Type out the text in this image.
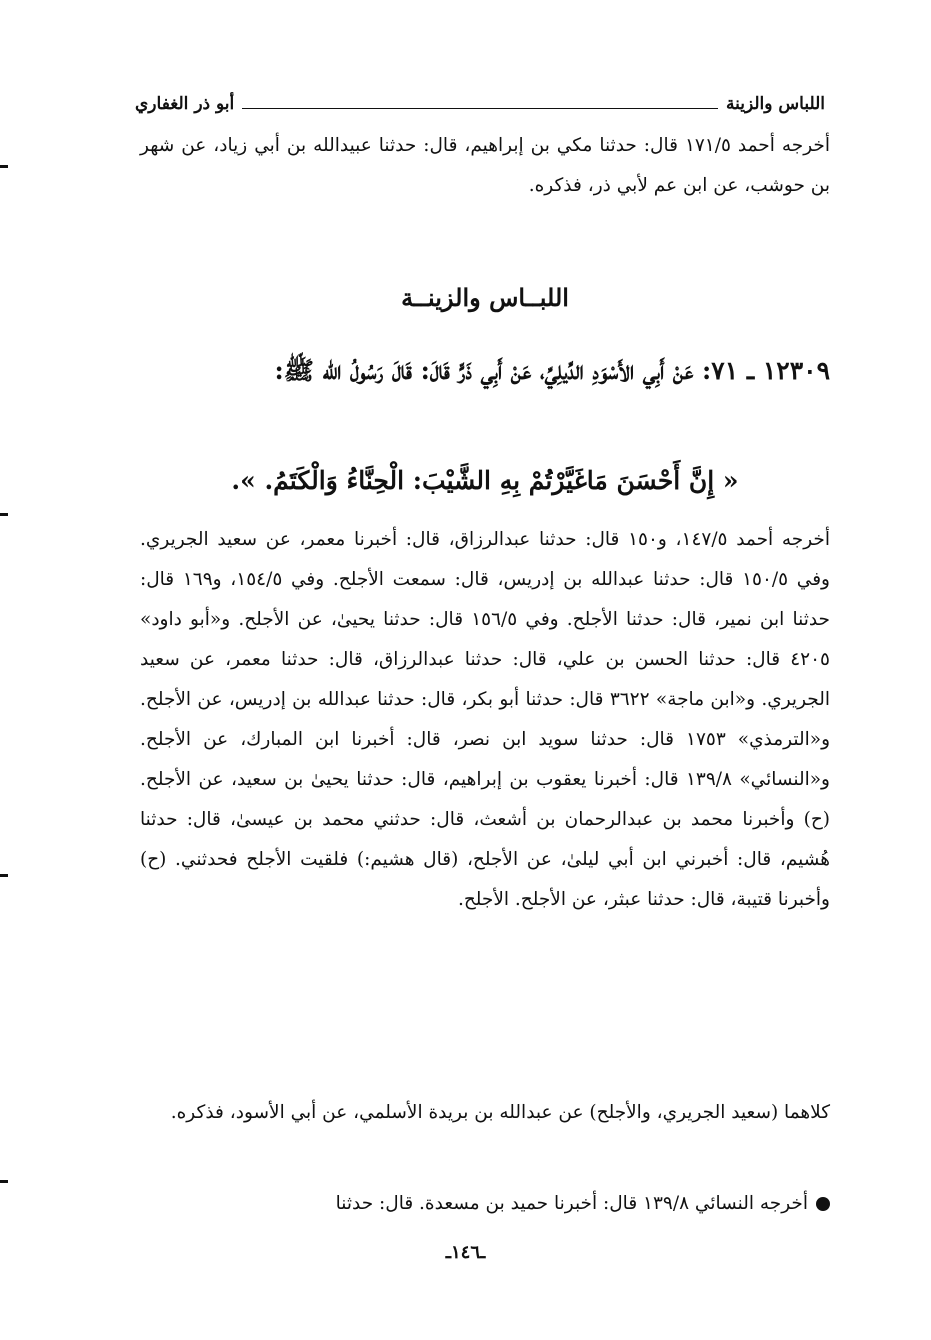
اللباس والزينة
أبو ذر الغفاري
أخرجه أحمد ١٧١/٥ قال: حدثنا مكي بن إبراهيم، قال: حدثنا عبيدالله بن أبي زياد، عن شهر بن حوشب، عن ابن عم لأبي ذر، فذكره.
اللبــاس والزينــة
١٢٣٠٩ ـ ٧١: عَنْ أَبِي الأَسْوَدِ الدِّيلِيِّ، عَنْ أَبِي ذَرٍّ قَالَ: قَالَ رَسُولُ الله ﷺ:
« إِنَّ أَحْسَنَ مَاغَيَّرْتُمْ بِهِ الشَّيْبَ: الْحِنَّاءُ وَالْكَتَمُ. ».
أخرجه أحمد ١٤٧/٥، و١٥٠ قال: حدثنا عبدالرزاق، قال: أخبرنا معمر، عن سعيد الجريري. وفي ١٥٠/٥ قال: حدثنا عبدالله بن إدريس، قال: سمعت الأجلح. وفي ١٥٤/٥، و١٦٩ قال: حدثنا ابن نمير، قال: حدثنا الأجلح. وفي ١٥٦/٥ قال: حدثنا يحيىٰ، عن الأجلح. و«أبو داود» ٤٢٠٥ قال: حدثنا الحسن بن علي، قال: حدثنا عبدالرزاق، قال: حدثنا معمر، عن سعيد الجريري. و«ابن ماجة» ٣٦٢٢ قال: حدثنا أبو بكر، قال: حدثنا عبدالله بن إدريس، عن الأجلح. و«الترمذي» ١٧٥٣ قال: حدثنا سويد ابن نصر، قال: أخبرنا ابن المبارك، عن الأجلح. و«النسائي» ١٣٩/٨ قال: أخبرنا يعقوب بن إبراهيم، قال: حدثنا يحيىٰ بن سعيد، عن الأجلح. (ح) وأخبرنا محمد بن عبدالرحمان بن أشعث، قال: حدثني محمد بن عيسىٰ، قال: حدثنا هُشيم، قال: أخبرني ابن أبي ليلىٰ، عن الأجلح، (قال هشيم:) فلقيت الأجلح فحدثني. (ح) وأخبرنا قتيبة، قال: حدثنا عبثر، عن الأجلح. الأجلح.
كلاهما (سعيد الجريري، والأجلح) عن عبدالله بن بريدة الأسلمي، عن أبي الأسود، فذكره.
أخرجه النسائي ١٣٩/٨ قال: أخبرنا حميد بن مسعدة. قال: حدثنا
ـ١٤٦ـ
